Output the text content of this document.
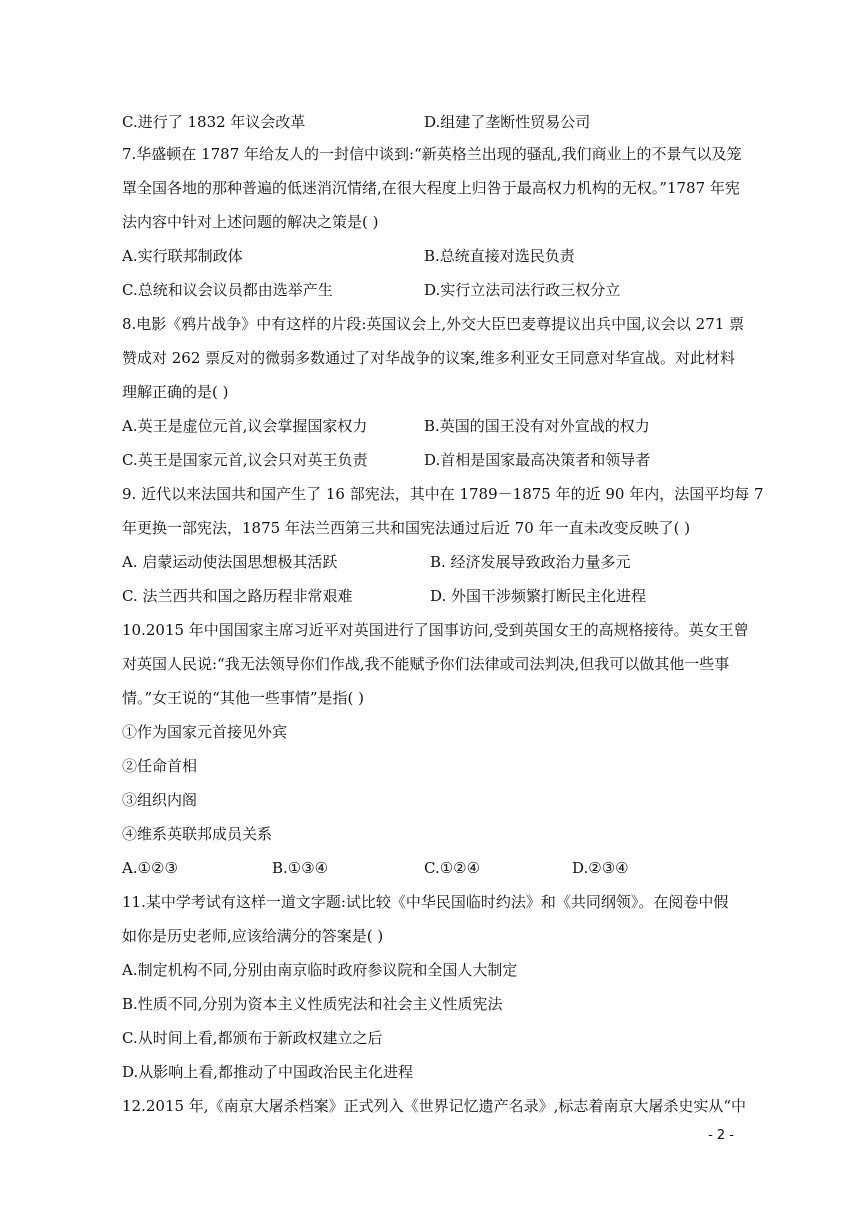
C.进行了 1832 年议会改革	D.组建了垄断性贸易公司
7.华盛顿在 1787 年给友人的一封信中谈到:“新英格兰出现的骚乱,我们商业上的不景气以及笼
罩全国各地的那种普遍的低迷消沉情绪,在很大程度上归咎于最高权力机构的无权。”1787 年宪
法内容中针对上述问题的解决之策是( )
A.实行联邦制政体	B.总统直接对选民负责
C.总统和议会议员都由选举产生	D.实行立法司法行政三权分立
8.电影《鸦片战争》中有这样的片段:英国议会上,外交大臣巴麦尊提议出兵中国,议会以 271 票
赞成对 262 票反对的微弱多数通过了对华战争的议案,维多利亚女王同意对华宣战。对此材料
理解正确的是( )
A.英王是虚位元首,议会掌握国家权力	B.英国的国王没有对外宣战的权力
C.英王是国家元首,议会只对英王负责	D.首相是国家最高决策者和领导者
9. 近代以来法国共和国产生了 16 部宪法，其中在 1789－1875 年的近 90 年内，法国平均每 7
年更换一部宪法，1875 年法兰西第三共和国宪法通过后近 70 年一直未改变反映了( )
A. 启蒙运动使法国思想极其活跃	B. 经济发展导致政治力量多元
C. 法兰西共和国之路历程非常艰难	D. 外国干涉频繁打断民主化进程
10.2015 年中国国家主席习近平对英国进行了国事访问,受到英国女王的高规格接待。英女王曾
对英国人民说:“我无法领导你们作战,我不能赋予你们法律或司法判决,但我可以做其他一些事
情。”女王说的“其他一些事情”是指( )
①作为国家元首接见外宾
②任命首相
③组织内阁
④维系英联邦成员关系
A.①②③	B.①③④	C.①②④	D.②③④
11.某中学考试有这样一道文字题:试比较《中华民国临时约法》和《共同纲领》。在阅卷中假
如你是历史老师,应该给满分的答案是( )
A.制定机构不同,分别由南京临时政府参议院和全国人大制定
B.性质不同,分别为资本主义性质宪法和社会主义性质宪法
C.从时间上看,都颁布于新政权建立之后
D.从影响上看,都推动了中国政治民主化进程
12.2015 年,《南京大屠杀档案》正式列入《世界记忆遗产名录》,标志着南京大屠杀史实从“中
- 2 -
